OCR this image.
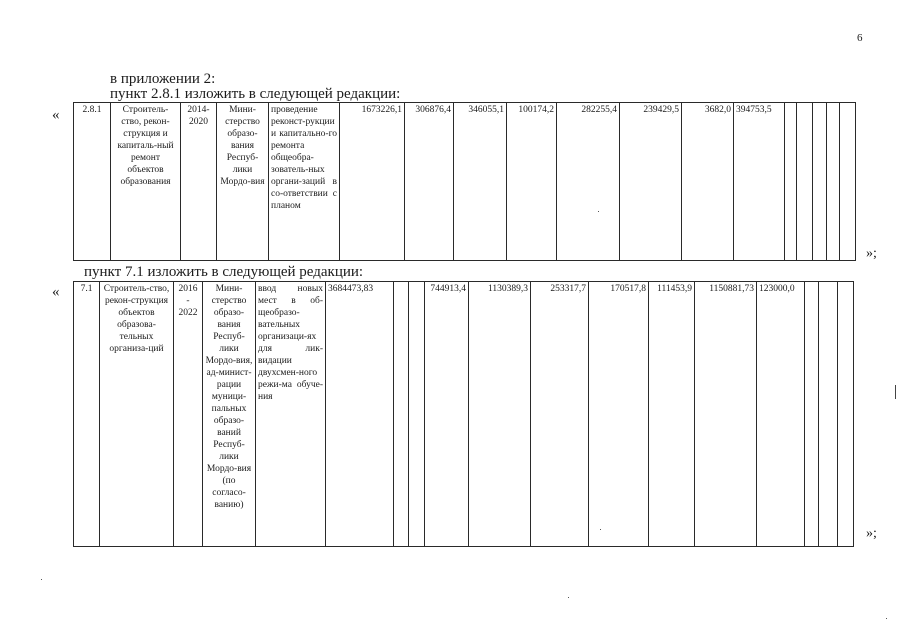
6
в приложении 2:
пункт 2.8.1 изложить в следующей редакции:
« 2.8.1	Строитель-ство, рекон-струкция и капиталь-ный ремонт объектов образования	2014-2020	Мини-стерство образо-вания Респуб-лики Мордо-вия	проведение реконст-рукции и капитально-го ремонта общеобра-зователь-ных органи-заций в со-ответствии с планом	1673226,1	306876,4	346055,1	100174,2	282255,4	239429,5	3682,0	394753,5					
»;
пункт 7.1 изложить в следующей редакции:
« 7.1	Строитель-ство, рекон-струкция объектов образова-тельных организа-ций	2016 - 2022	Мини-стерство образо-вания Респуб-лики Мордо-вия, ад-минист-рации муници-пальных образо-ваний Респуб-лики Мордо-вия (по согласо-ванию)	ввод новых мест в об-щеобразо-вательных организаци-ях для лик-видации двухсмен-ного режи-ма обуче-ния	3684473,83			744913,4	1130389,3	253317,7	170517,8	111453,9	1150881,73	123000,0			
»;
